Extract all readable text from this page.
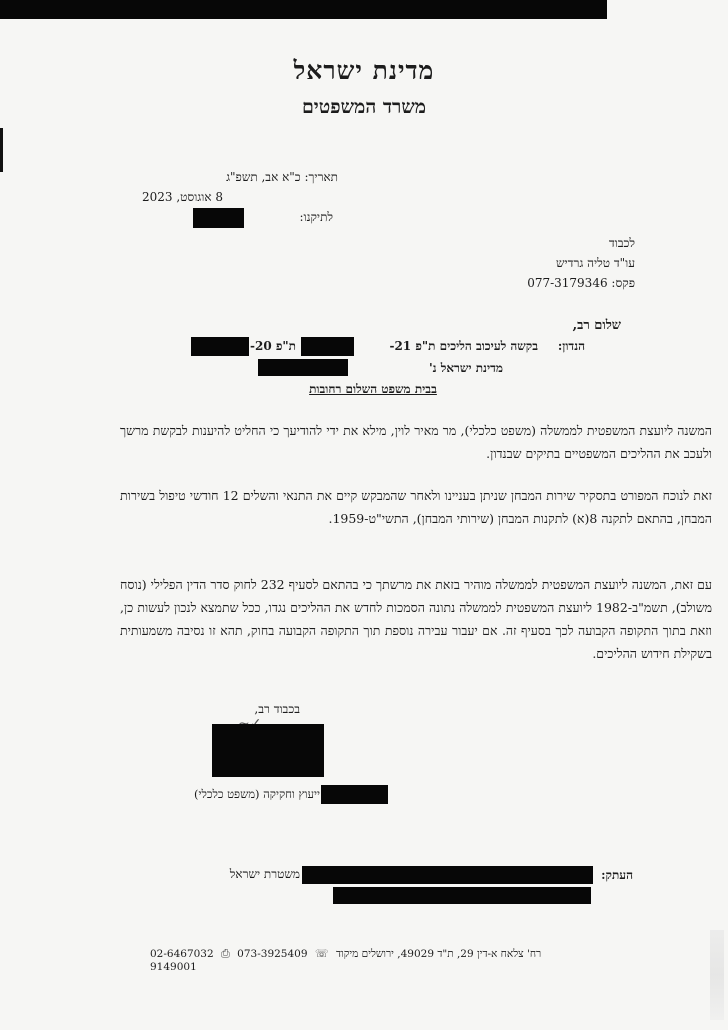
מדינת ישראל
משרד המשפטים
תאריך: כ"א אב, תשפ"ג
8 אוגוסט, 2023
לתיקנו:
לכבוד
עו"ד טליה גרדיש
פקס: 077-3179346
שלום רב,
הנדון:
בקשה לעיכוב הליכים ת"פ 21-
ת"פ 20-
מדינת ישראל נ'
בבית משפט השלום רחובות
המשנה ליועצת המשפטית לממשלה (משפט כלכלי), מר מאיר לוין, מילא את ידי להודיעך כי החליט להיענות לבקשת מרשך ולעכב את ההליכים המשפטיים בתיקים שבנדון.
זאת לנוכח המפורט בתסקיר שירות המבחן שניתן בעניינו ולאחר שהמבקש קיים את התנאי והשלים 12 חודשי טיפול בשירות המבחן, בהתאם לתקנה 8(א) לתקנות המבחן (שירותי המבחן), התשי"ט-1959.
עם זאת, המשנה ליועצת המשפטית לממשלה מוהיר בזאת את מרשתך כי בהתאם לסעיף 232 לחוק סדר הדין הפלילי (נוסח משולב), תשמ"ב-1982 ליועצת המשפטית לממשלה נתונה הסמכות לחדש את ההליכים נגדו, ככל שתמצא לנכון לעשות כן, וזאת בתוך התקופה הקבועה לכך בסעיף זה. אם יעבור עבירה נוספת תוך התקופה הקבועה בחוק, תהא זו נסיבה משמעותית בשקילת חידוש ההליכים.
בכבוד רב,
ייעוץ וחקיקה (משפט כלכלי)
העתק:
משטרת ישראל
02-6467032 ⎙ 073-3925409 ☏ רח' צלאח א-דין 29, ת"ד 49029, ירושלים מיקוד 9149001
